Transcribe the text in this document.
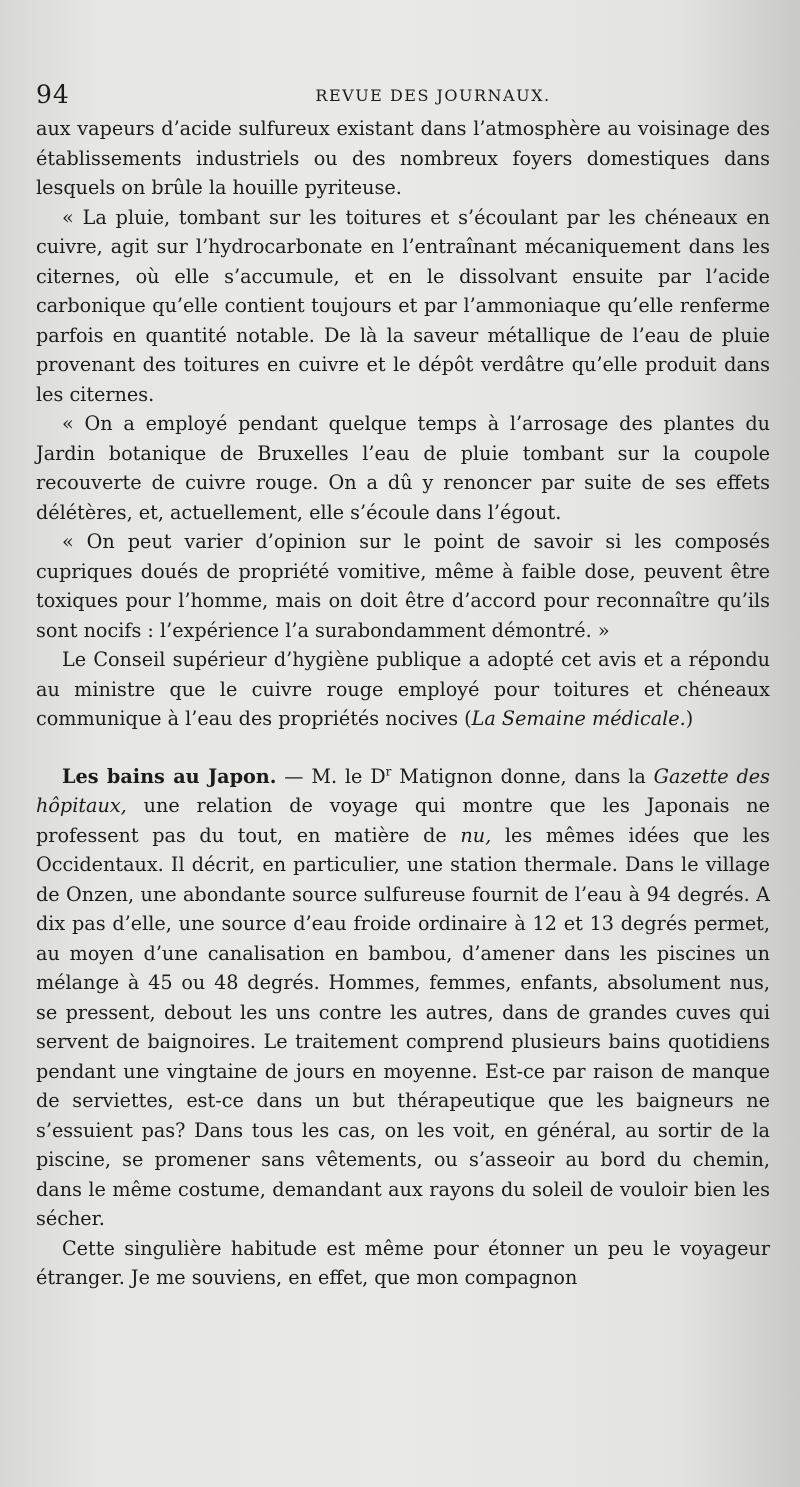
94	REVUE DES JOURNAUX.

aux vapeurs d’acide sulfureux existant dans l’atmosphère au voisinage des établissements industriels ou des nombreux foyers domestiques dans lesquels on brûle la houille pyriteuse.

« La pluie, tombant sur les toitures et s’écoulant par les chéneaux en cuivre, agit sur l’hydrocarbonate en l’entraînant mécaniquement dans les citernes, où elle s’accumule, et en le dissolvant ensuite par l’acide carbonique qu’elle contient toujours et par l’ammoniaque qu’elle renferme parfois en quantité notable. De là la saveur métallique de l’eau de pluie provenant des toitures en cuivre et le dépôt verdâtre qu’elle produit dans les citernes.

« On a employé pendant quelque temps à l’arrosage des plantes du Jardin botanique de Bruxelles l’eau de pluie tombant sur la coupole recouverte de cuivre rouge. On a dû y renoncer par suite de ses effets délétères, et, actuellement, elle s’écoule dans l’égout.

« On peut varier d’opinion sur le point de savoir si les composés cupriques doués de propriété vomitive, même à faible dose, peuvent être toxiques pour l’homme, mais on doit être d’accord pour reconnaître qu’ils sont nocifs : l’expérience l’a surabondamment démontré. »

Le Conseil supérieur d’hygiène publique a adopté cet avis et a répondu au ministre que le cuivre rouge employé pour toitures et chéneaux communique à l’eau des propriétés nocives (La Semaine médicale.)

Les bains au Japon. — M. le $D^r$ Matignon donne, dans la Gazette des hôpitaux, une relation de voyage qui montre que les Japonais ne professent pas du tout, en matière de nu, les mêmes idées que les Occidentaux. Il décrit, en particulier, une station thermale. Dans le village de Onzen, une abondante source sulfureuse fournit de l’eau à 94 degrés. A dix pas d’elle, une source d’eau froide ordinaire à 12 et 13 degrés permet, au moyen d’une canalisation en bambou, d’amener dans les piscines un mélange à 45 ou 48 degrés. Hommes, femmes, enfants, absolument nus, se pressent, debout les uns contre les autres, dans de grandes cuves qui servent de baignoires. Le traitement comprend plusieurs bains quotidiens pendant une vingtaine de jours en moyenne. Est-ce par raison de manque de serviettes, est-ce dans un but thérapeutique que les baigneurs ne s’essuient pas? Dans tous les cas, on les voit, en général, au sortir de la piscine, se promener sans vêtements, ou s’asseoir au bord du chemin, dans le même costume, demandant aux rayons du soleil de vouloir bien les sécher.

Cette singulière habitude est même pour étonner un peu le voyageur étranger. Je me souviens, en effet, que mon compagnon
